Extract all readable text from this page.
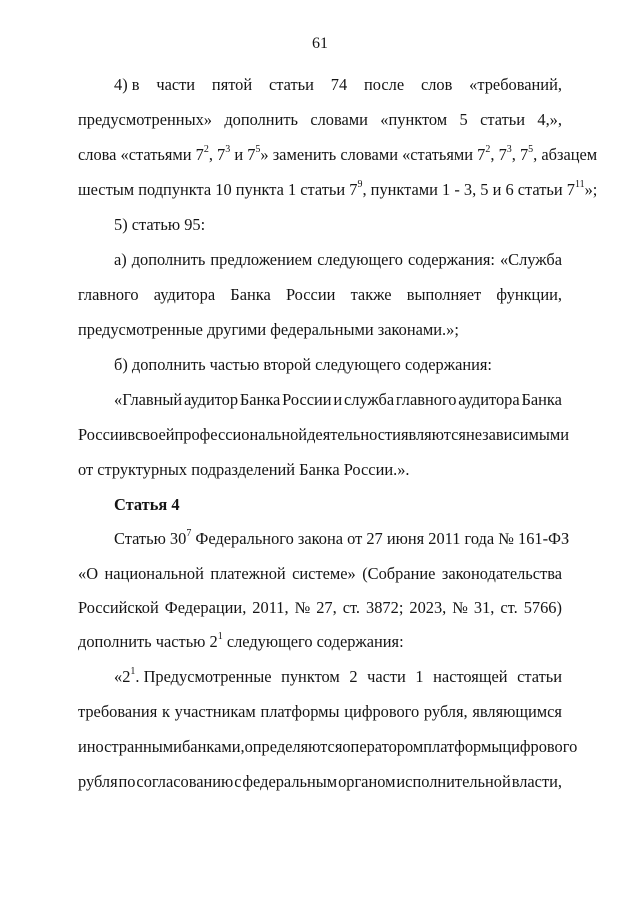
61
4) в части пятой статьи 74 после слов «требований,
предусмотренных» дополнить словами «пунктом 5 статьи 4,»,
слова «статьями $7^2$, $7^3$ и $7^5$» заменить словами «статьями $7^2$, $7^3$, $7^5$, абзацем
шестым подпункта 10 пункта 1 статьи $7^9$, пунктами 1 - 3, 5 и 6 статьи $7^{11}$»;
5) статью 95:
а) дополнить предложением следующего содержания: «Служба
главного аудитора Банка России также выполняет функции,
предусмотренные другими федеральными законами.»;
б) дополнить частью второй следующего содержания:
«Главный аудитор Банка России и служба главного аудитора Банка
России в своей профессиональной деятельности являются независимыми
от структурных подразделений Банка России.».
Статья 4
Статью $30^7$ Федерального закона от 27 июня 2011 года № 161-ФЗ
«О национальной платежной системе» (Собрание законодательства
Российской Федерации, 2011, № 27, ст. 3872; 2023, № 31, ст. 5766)
дополнить частью $2^1$ следующего содержания:
«$2^1$. Предусмотренные пунктом 2 части 1 настоящей статьи
требования к участникам платформы цифрового рубля, являющимся
иностранными банками, определяются оператором платформы цифрового
рубля по согласованию с федеральным органом исполнительной власти,
